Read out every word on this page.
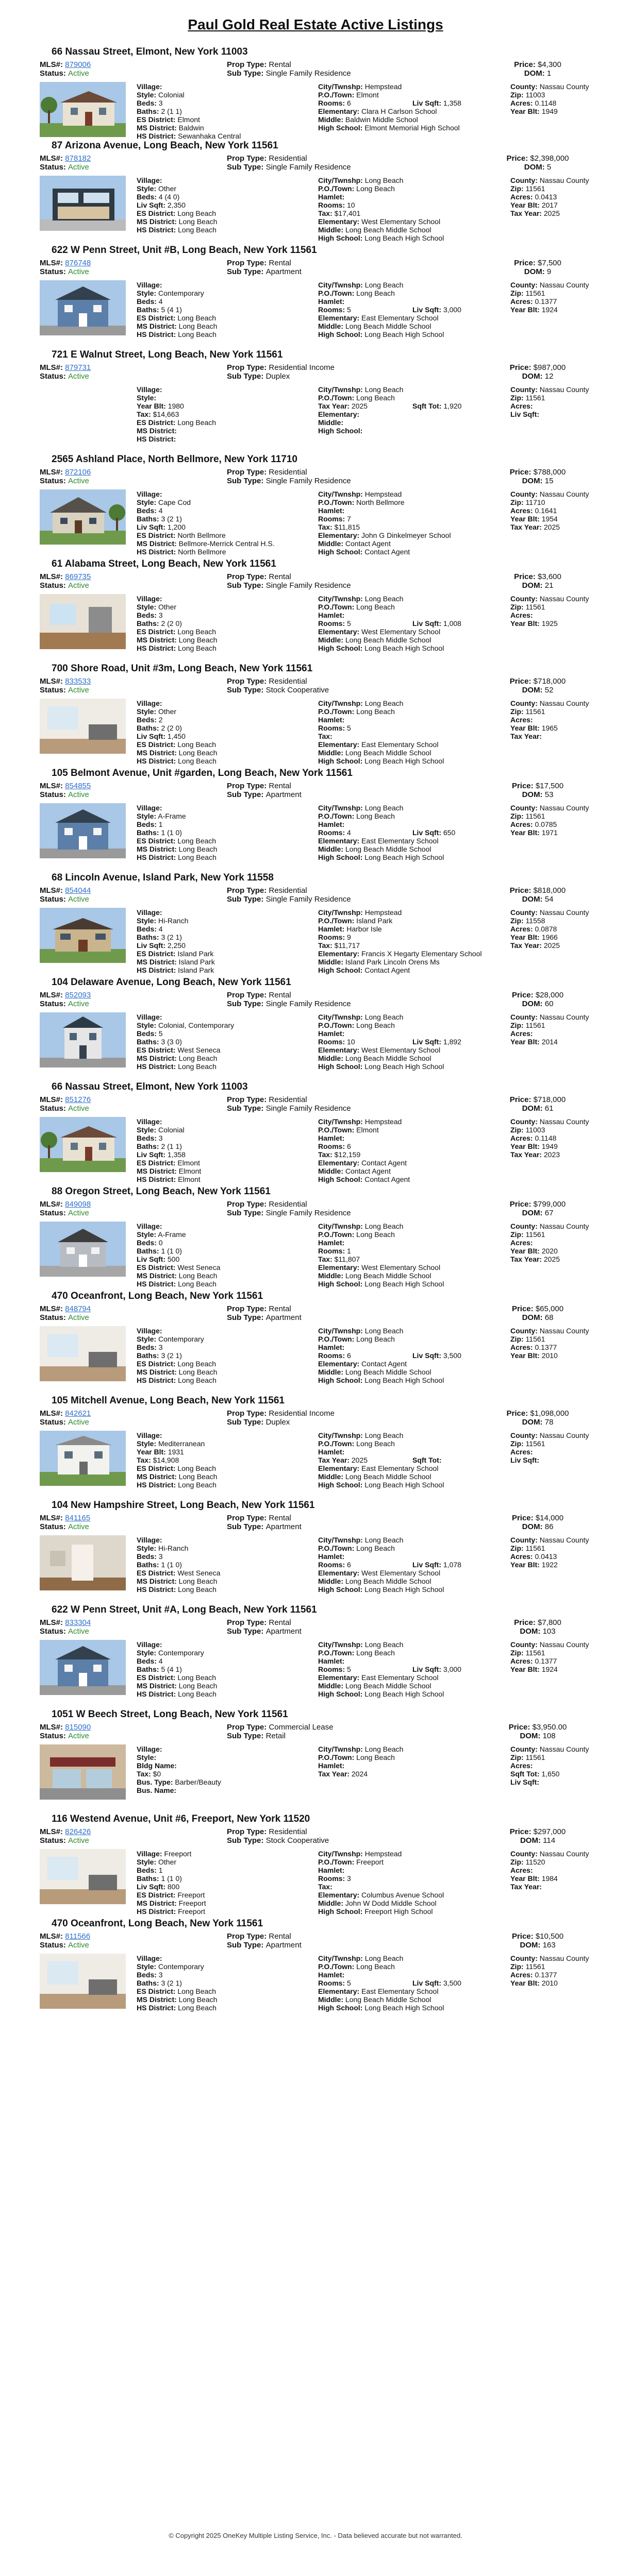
Paul Gold Real Estate Active Listings
66 Nassau Street, Elmont, New York 11003
MLS#: 879006
Status: Active
Prop Type: Rental
Sub Type: Single Family Residence
Price: $4,300
DOM: 1
Village:
Style: Colonial
Beds: 3
Baths: 2 (1 1)
ES District: Elmont
MS District: Baldwin
HS District: Sewanhaka Central
City/Twnshp: Hempstead
P.O./Town: Elmont
Rooms: 6
Elementary: Clara H Carlson School
Middle: Baldwin Middle School
High School: Elmont Memorial High School
Liv Sqft: 1,358
County: Nassau County
Zip: 11003
Acres: 0.1148
Year Blt: 1949
87 Arizona Avenue, Long Beach, New York 11561
MLS#: 878182
Status: Active
Prop Type: Residential
Sub Type: Single Family Residence
Price: $2,398,000
DOM: 5
Village:
Style: Other
Beds: 4 (4 0)
Liv Sqft: 2,350
ES District: Long Beach
MS District: Long Beach
HS District: Long Beach
City/Twnshp: Long Beach
P.O./Town: Long Beach
Hamlet:
Rooms: 10
Tax: $17,401
Elementary: West Elementary School
Middle: Long Beach Middle School
High School: Long Beach High School
County: Nassau County
Zip: 11561
Acres: 0.0413
Year Blt: 2017
Tax Year: 2025
622 W Penn Street, Unit #B, Long Beach, New York 11561
MLS#: 876748
Status: Active
Prop Type: Rental
Sub Type: Apartment
Price: $7,500
DOM: 9
Village:
Style: Contemporary
Beds: 4
Baths: 5 (4 1)
ES District: Long Beach
MS District: Long Beach
HS District: Long Beach
City/Twnshp: Long Beach
P.O./Town: Long Beach
Hamlet:
Rooms: 5
Elementary: East Elementary School
Middle: Long Beach Middle School
High School: Long Beach High School
Liv Sqft: 3,000
County: Nassau County
Zip: 11561
Acres: 0.1377
Year Blt: 1924
721 E Walnut Street, Long Beach, New York 11561
MLS#: 879731
Status: Active
Prop Type: Residential Income
Sub Type: Duplex
Price: $987,000
DOM: 12
Village:
Style:
Year Blt: 1980
Tax: $14,663
ES District: Long Beach
MS District:
HS District:
City/Twnshp: Long Beach
P.O./Town: Long Beach
Tax Year: 2025
Elementary:
Middle:
High School:
Sqft Tot: 1,920
County: Nassau County
Zip: 11561
Acres:
Liv Sqft:
2565 Ashland Place, North Bellmore, New York 11710
MLS#: 872106
Status: Active
Prop Type: Residential
Sub Type: Single Family Residence
Price: $788,000
DOM: 15
Village:
Style: Cape Cod
Beds: 4
Baths: 3 (2 1)
Liv Sqft: 1,200
ES District: North Bellmore
MS District: Bellmore-Merrick Central H.S.
HS District: North Bellmore
City/Twnshp: Hempstead
P.O./Town: North Bellmore
Hamlet:
Rooms: 7
Tax: $11,815
Elementary: John G Dinkelmeyer School
Middle: Contact Agent
High School: Contact Agent
County: Nassau County
Zip: 11710
Acres: 0.1641
Year Blt: 1954
Tax Year: 2025
61 Alabama Street, Long Beach, New York 11561
MLS#: 869735
Status: Active
Prop Type: Rental
Sub Type: Single Family Residence
Price: $3,600
DOM: 21
Village:
Style: Other
Beds: 3
Baths: 2 (2 0)
ES District: Long Beach
MS District: Long Beach
HS District: Long Beach
City/Twnshp: Long Beach
P.O./Town: Long Beach
Hamlet:
Rooms: 5
Elementary: West Elementary School
Middle: Long Beach Middle School
High School: Long Beach High School
Liv Sqft: 1,008
County: Nassau County
Zip: 11561
Acres:
Year Blt: 1925
700 Shore Road, Unit #3m, Long Beach, New York 11561
MLS#: 833533
Status: Active
Prop Type: Residential
Sub Type: Stock Cooperative
Price: $718,000
DOM: 52
Village:
Style: Other
Beds: 2
Baths: 2 (2 0)
Liv Sqft: 1,450
ES District: Long Beach
MS District: Long Beach
HS District: Long Beach
City/Twnshp: Long Beach
P.O./Town: Long Beach
Hamlet:
Rooms: 5
Tax:
Elementary: East Elementary School
Middle: Long Beach Middle School
High School: Long Beach High School
County: Nassau County
Zip: 11561
Acres:
Year Blt: 1965
Tax Year:
105 Belmont Avenue, Unit #garden, Long Beach, New York 11561
MLS#: 854855
Status: Active
Prop Type: Rental
Sub Type: Apartment
Price: $17,500
DOM: 53
Village:
Style: A-Frame
Beds: 1
Baths: 1 (1 0)
ES District: Long Beach
MS District: Long Beach
HS District: Long Beach
City/Twnshp: Long Beach
P.O./Town: Long Beach
Hamlet:
Rooms: 4
Elementary: East Elementary School
Middle: Long Beach Middle School
High School: Long Beach High School
Liv Sqft: 650
County: Nassau County
Zip: 11561
Acres: 0.0785
Year Blt: 1971
68 Lincoln Avenue, Island Park, New York 11558
MLS#: 854044
Status: Active
Prop Type: Residential
Sub Type: Single Family Residence
Price: $818,000
DOM: 54
Village:
Style: Hi-Ranch
Beds: 4
Baths: 3 (2 1)
Liv Sqft: 2,250
ES District: Island Park
MS District: Island Park
HS District: Island Park
City/Twnshp: Hempstead
P.O./Town: Island Park
Hamlet: Harbor Isle
Rooms: 9
Tax: $11,717
Elementary: Francis X Hegarty Elementary School
Middle: Island Park Lincoln Orens Ms
High School: Contact Agent
County: Nassau County
Zip: 11558
Acres: 0.0878
Year Blt: 1966
Tax Year: 2025
104 Delaware Avenue, Long Beach, New York 11561
MLS#: 852093
Status: Active
Prop Type: Rental
Sub Type: Single Family Residence
Price: $28,000
DOM: 60
Village:
Style: Colonial, Contemporary
Beds: 5
Baths: 3 (3 0)
ES District: West Seneca
MS District: Long Beach
HS District: Long Beach
City/Twnshp: Long Beach
P.O./Town: Long Beach
Hamlet:
Rooms: 10
Elementary: West Elementary School
Middle: Long Beach Middle School
High School: Long Beach High School
Liv Sqft: 1,892
County: Nassau County
Zip: 11561
Acres:
Year Blt: 2014
66 Nassau Street, Elmont, New York 11003
MLS#: 851276
Status: Active
Prop Type: Residential
Sub Type: Single Family Residence
Price: $718,000
DOM: 61
Village:
Style: Colonial
Beds: 3
Baths: 2 (1 1)
Liv Sqft: 1,358
ES District: Elmont
MS District: Elmont
HS District: Elmont
City/Twnshp: Hempstead
P.O./Town: Elmont
Hamlet:
Rooms: 6
Tax: $12,159
Elementary: Contact Agent
Middle: Contact Agent
High School: Contact Agent
County: Nassau County
Zip: 11003
Acres: 0.1148
Year Blt: 1949
Tax Year: 2023
88 Oregon Street, Long Beach, New York 11561
MLS#: 849098
Status: Active
Prop Type: Residential
Sub Type: Single Family Residence
Price: $799,000
DOM: 67
Village:
Style: A-Frame
Beds: 0
Baths: 1 (1 0)
Liv Sqft: 500
ES District: West Seneca
MS District: Long Beach
HS District: Long Beach
City/Twnshp: Long Beach
P.O./Town: Long Beach
Hamlet:
Rooms: 1
Tax: $11,807
Elementary: West Elementary School
Middle: Long Beach Middle School
High School: Long Beach High School
County: Nassau County
Zip: 11561
Acres:
Year Blt: 2020
Tax Year: 2025
470 Oceanfront, Long Beach, New York 11561
MLS#: 848794
Status: Active
Prop Type: Rental
Sub Type: Apartment
Price: $65,000
DOM: 68
Village:
Style: Contemporary
Beds: 3
Baths: 3 (2 1)
ES District: Long Beach
MS District: Long Beach
HS District: Long Beach
City/Twnshp: Long Beach
P.O./Town: Long Beach
Hamlet:
Rooms: 6
Elementary: Contact Agent
Middle: Long Beach Middle School
High School: Long Beach High School
Liv Sqft: 3,500
County: Nassau County
Zip: 11561
Acres: 0.1377
Year Blt: 2010
105 Mitchell Avenue, Long Beach, New York 11561
MLS#: 842621
Status: Active
Prop Type: Residential Income
Sub Type: Duplex
Price: $1,098,000
DOM: 78
Village:
Style: Mediterranean
Year Blt: 1931
Tax: $14,908
ES District: Long Beach
MS District: Long Beach
HS District: Long Beach
City/Twnshp: Long Beach
P.O./Town: Long Beach
Hamlet:
Tax Year: 2025
Elementary: East Elementary School
Middle: Long Beach Middle School
High School: Long Beach High School
Sqft Tot:
County: Nassau County
Zip: 11561
Acres:
Liv Sqft:
104 New Hampshire Street, Long Beach, New York 11561
MLS#: 841165
Status: Active
Prop Type: Rental
Sub Type: Apartment
Price: $14,000
DOM: 86
Village:
Style: Hi-Ranch
Beds: 3
Baths: 1 (1 0)
ES District: West Seneca
MS District: Long Beach
HS District: Long Beach
City/Twnshp: Long Beach
P.O./Town: Long Beach
Hamlet:
Rooms: 6
Elementary: West Elementary School
Middle: Long Beach Middle School
High School: Long Beach High School
Liv Sqft: 1,078
County: Nassau County
Zip: 11561
Acres: 0.0413
Year Blt: 1922
622 W Penn Street, Unit #A, Long Beach, New York 11561
MLS#: 833304
Status: Active
Prop Type: Rental
Sub Type: Apartment
Price: $7,800
DOM: 103
Village:
Style: Contemporary
Beds: 4
Baths: 5 (4 1)
ES District: Long Beach
MS District: Long Beach
HS District: Long Beach
City/Twnshp: Long Beach
P.O./Town: Long Beach
Hamlet:
Rooms: 5
Elementary: East Elementary School
Middle: Long Beach Middle School
High School: Long Beach High School
Liv Sqft: 3,000
County: Nassau County
Zip: 11561
Acres: 0.1377
Year Blt: 1924
1051 W Beech Street, Long Beach, New York 11561
MLS#: 815090
Status: Active
Prop Type: Commercial Lease
Sub Type: Retail
Price: $3,950.00
DOM: 108
Village:
Style:
Bldg Name:
Tax: $0
Bus. Type: Barber/Beauty
Bus. Name:
City/Twnshp: Long Beach
P.O./Town: Long Beach
Hamlet:
Tax Year: 2024
County: Nassau County
Zip: 11561
Acres:
Sqft Tot: 1,650
Liv Sqft:
116 Westend Avenue, Unit #6, Freeport, New York 11520
MLS#: 826426
Status: Active
Prop Type: Residential
Sub Type: Stock Cooperative
Price: $297,000
DOM: 114
Village: Freeport
Style: Other
Beds: 1
Baths: 1 (1 0)
Liv Sqft: 800
ES District: Freeport
MS District: Freeport
HS District: Freeport
City/Twnshp: Hempstead
P.O./Town: Freeport
Hamlet:
Rooms: 3
Tax:
Elementary: Columbus Avenue School
Middle: John W Dodd Middle School
High School: Freeport High School
County: Nassau County
Zip: 11520
Acres:
Year Blt: 1984
Tax Year:
470 Oceanfront, Long Beach, New York 11561
MLS#: 811566
Status: Active
Prop Type: Rental
Sub Type: Apartment
Price: $10,500
DOM: 163
Village:
Style: Contemporary
Beds: 3
Baths: 3 (2 1)
ES District: Long Beach
MS District: Long Beach
HS District: Long Beach
City/Twnshp: Long Beach
P.O./Town: Long Beach
Hamlet:
Rooms: 5
Elementary: East Elementary School
Middle: Long Beach Middle School
High School: Long Beach High School
Liv Sqft: 3,500
County: Nassau County
Zip: 11561
Acres: 0.1377
Year Blt: 2010
© Copyright 2025 OneKey Multiple Listing Service, Inc. - Data believed accurate but not warranted.
